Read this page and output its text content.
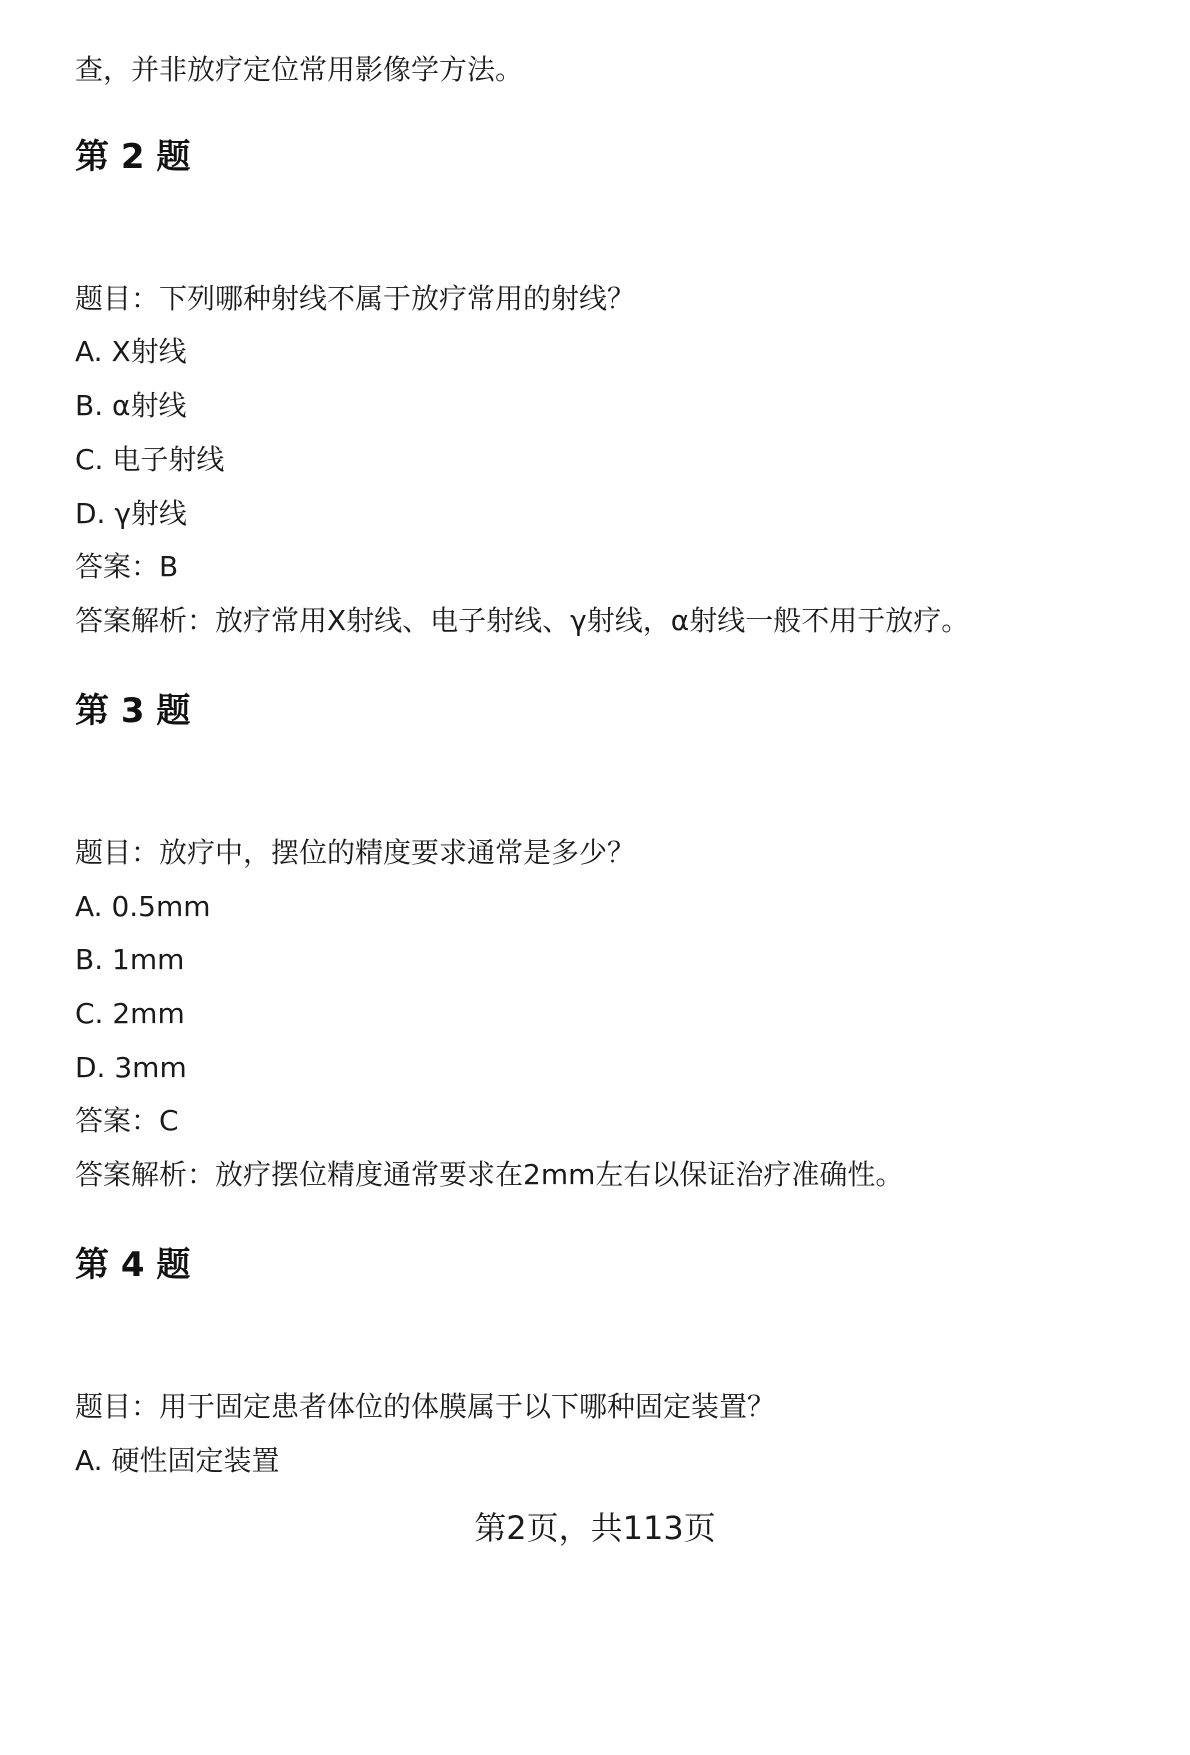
查，并非放疗定位常用影像学方法。
第 2 题
题目：下列哪种射线不属于放疗常用的射线？
A. X射线
B. α射线
C. 电子射线
D. γ射线
答案：B
答案解析：放疗常用X射线、电子射线、γ射线，α射线一般不用于放疗。
第 3 题
题目：放疗中，摆位的精度要求通常是多少？
A. 0.5mm
B. 1mm
C. 2mm
D. 3mm
答案：C
答案解析：放疗摆位精度通常要求在2mm左右以保证治疗准确性。
第 4 题
题目：用于固定患者体位的体膜属于以下哪种固定装置？
A. 硬性固定装置
第2页，共113页
